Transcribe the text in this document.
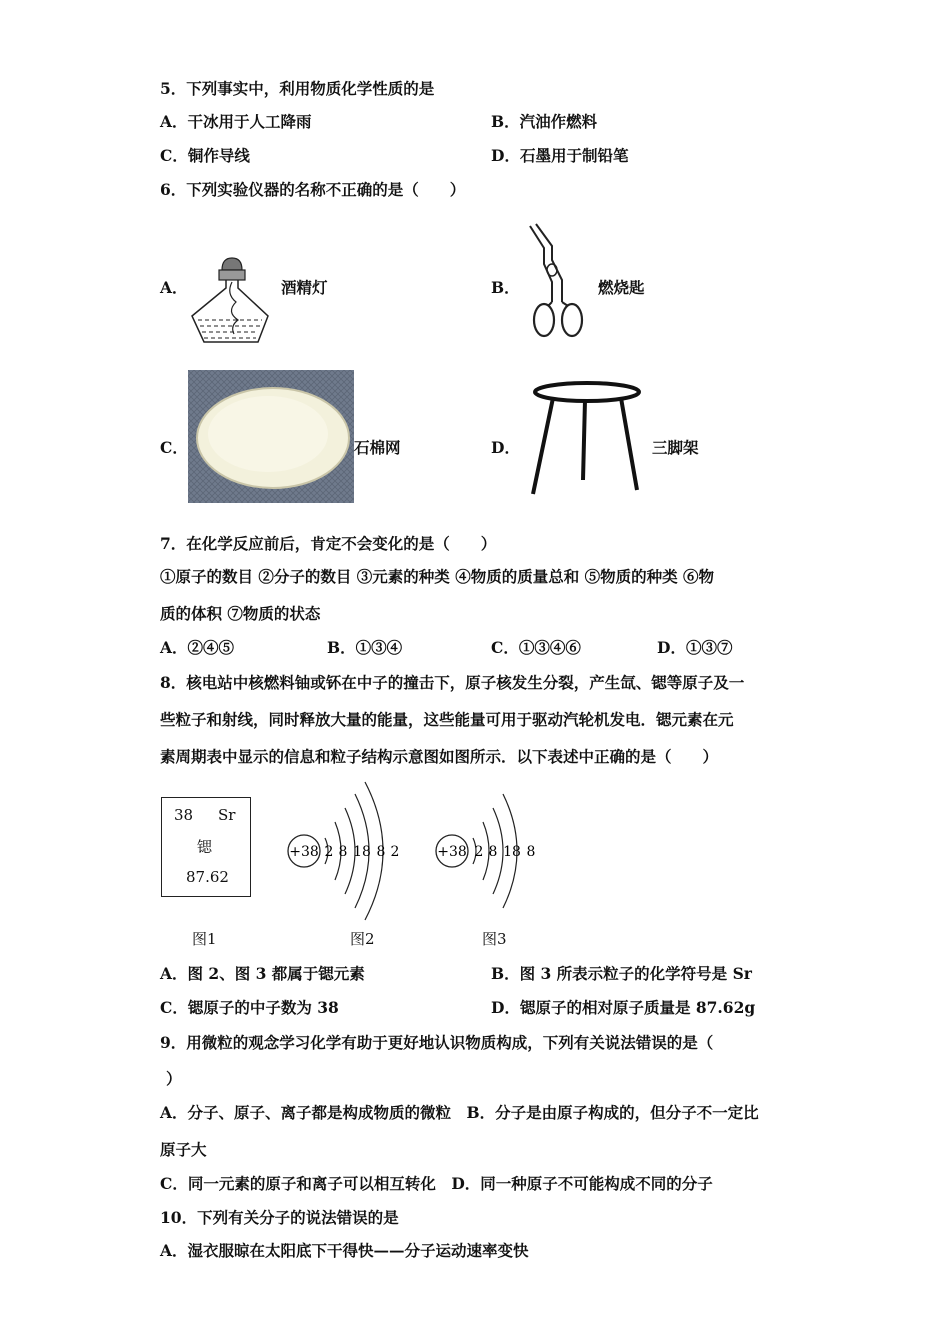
5．下列事实中，利用物质化学性质的是
A．干冰用于人工降雨	B．汽油作燃料
C．铜作导线	D．石墨用于制铅笔
6．下列实验仪器的名称不正确的是（　　）
A．	酒精灯	B．	燃烧匙
C．	石棉网	D．	三脚架
7．在化学反应前后，肯定不会变化的是（　　）
①原子的数目 ②分子的数目 ③元素的种类 ④物质的质量总和 ⑤物质的种类 ⑥物
质的体积 ⑦物质的状态
A．②④⑤	B．①③④	C．①③④⑥	D．①③⑦
8．核电站中核燃料铀或钚在中子的撞击下，原子核发生分裂，产生氙、锶等原子及一
些粒子和射线，同时释放大量的能量，这些能量可用于驱动汽轮机发电．锶元素在元
素周期表中显示的信息和粒子结构示意图如图所示．以下表述中正确的是（　　）
38 Sr
锶
87.62
图1
+38 2 8 18 8 2
图2
+38 2 8 18 8
图3
A．图 2、图 3 都属于锶元素	B．图 3 所表示粒子的化学符号是 Sr
C．锶原子的中子数为 38	D．锶原子的相对原子质量是 87.62g
9．用微粒的观念学习化学有助于更好地认识物质构成，下列有关说法错误的是（
）
A．分子、原子、离子都是构成物质的微粒　B．分子是由原子构成的，但分子不一定比
原子大
C．同一元素的原子和离子可以相互转化　D．同一种原子不可能构成不同的分子
10．下列有关分子的说法错误的是
A．湿衣服晾在太阳底下干得快——分子运动速率变快
